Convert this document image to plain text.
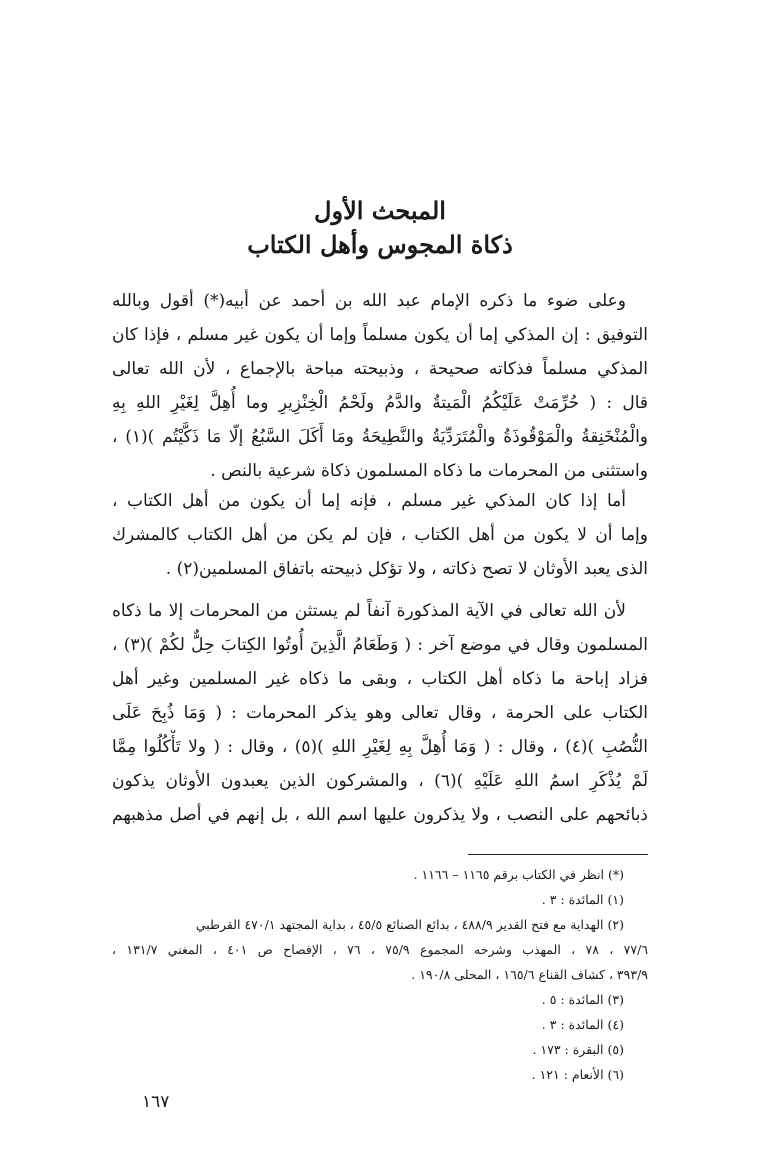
المبحث الأول
ذكاة المجوس وأهل الكتاب
وعلى ضوء ما ذكره الإمام عبد الله بن أحمد عن أبيه(*) أقول وبالله
التوفيق : إن المذكي إما أن يكون مسلماً وإما أن يكون غير مسلم ، فإذا كان
المذكي مسلماً فذكاته صحيحة ، وذبيحته مباحة بالإجماع ، لأن الله تعالى
قال : ( حُرِّمَتْ عَلَيْكُمُ الْمَيتةُ والدَّمُ ولَحْمُ الْخِنْزِيرِ وما أُهِلَّ لِغَيْرِ اللهِ بِهِ
والْمُنْخَنِقةُ والْمَوْقُوذَةُ والْمُتَرَدِّيَةُ والنَّطِيحَةُ ومَا أَكَلَ السَّبُعُ إلّا مَا ذَكَّيْتُم )(١) ،
واستثنى من المحرمات ما ذكاه المسلمون ذكاة شرعية بالنص .
أما إذا كان المذكي غير مسلم ، فإنه إما أن يكون من أهل الكتاب ،
وإما أن لا يكون من أهل الكتاب ، فإن لم يكن من أهل الكتاب كالمشرك
الذى يعبد الأوثان لا تصح ذكاته ، ولا تؤكل ذبيحته باتفاق المسلمين(٢) .
لأن الله تعالى في الآية المذكورة آنفاً لم يستثن من المحرمات إلا ما ذكاه
المسلمون وقال في موضع آخر : ( وَطَعَامُ الَّذِينَ أُوتُوا الكِتابَ حِلٌّ لكُمْ )(٣) ،
فزاد إباحة ما ذكاه أهل الكتاب ، وبقى ما ذكاه غير المسلمين وغير أهل
الكتاب على الحرمة ، وقال تعالى وهو يذكر المحرمات : ( وَمَا ذُبِحَ عَلَى
النُّصُبِ )(٤) ، وقال : ( وَمَا أُهِلَّ بِهِ لِغَيْرِ اللهِ )(٥) ، وقال : ( ولا تَأْكُلُوا مِمَّا
لَمْ يُذْكَرِ اسمُ اللهِ عَلَيْهِ )(٦) ، والمشركون الذين يعبدون الأوثان يذكون
ذبائحهم على النصب ، ولا يذكرون عليها اسم الله ، بل إنهم في أصل مذهبهم
(*) انظر في الكتاب برقم ١١٦٥ – ١١٦٦ .
(١) المائدة : ٣ .
(٢) الهداية مع فتح القدير ٤٨٨/٩ ، بدائع الصنائع ٤٥/٥ ، بداية المجتهد ٤٧٠/١ القرطبي
٧٧/٦ ، ٧٨ ، المهذب وشرحه المجموع ٧٥/٩ ، ٧٦ ، الإفصاح ص ٤٠١ ، المغني ١٣١/٧ ،
٣٩٣/٩ ، كشاف القناع ١٦٥/٦ ، المحلى ١٩٠/٨ .
(٣) المائدة : ٥ .
(٤) المائدة : ٣ .
(٥) البقرة : ١٧٣ .
(٦) الأنعام : ١٢١ .
١٦٧
